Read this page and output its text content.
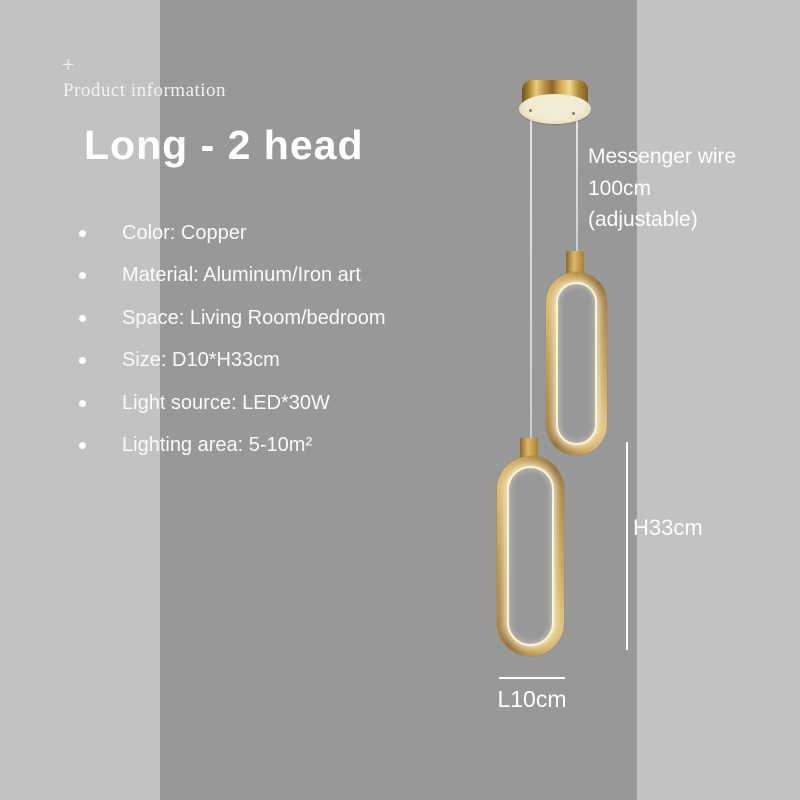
+
Product information
Long - 2 head
Color: Copper
Material: Aluminum/Iron art
Space: Living Room/bedroom
Size: D10*H33cm
Light source: LED*30W
Lighting area: 5-10m²
Messenger wire
100cm
(adjustable)
H33cm
L10cm
